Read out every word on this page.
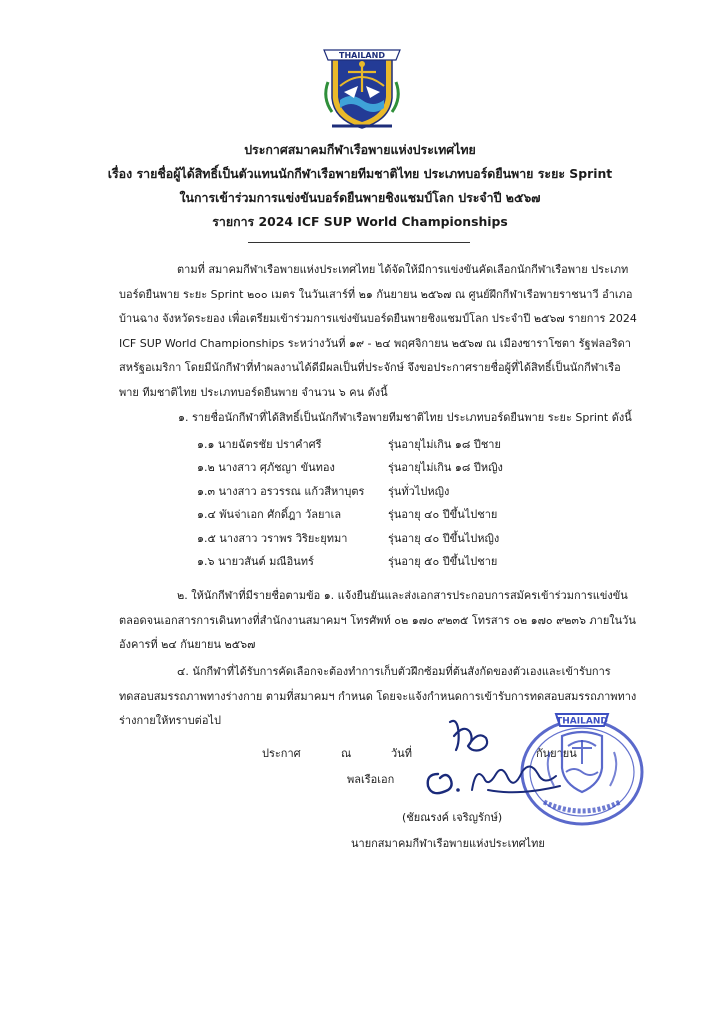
THAILAND
ประกาศสมาคมกีฬาเรือพายแห่งประเทศไทย
เรื่อง รายชื่อผู้ได้สิทธิ์เป็นตัวแทนนักกีฬาเรือพายทีมชาติไทย ประเภทบอร์ดยืนพาย ระยะ Sprint
ในการเข้าร่วมการแข่งขันบอร์ดยืนพายชิงแชมป์โลก ประจำปี ๒๕๖๗
รายการ 2024 ICF SUP World Championships
ตามที่ สมาคมกีฬาเรือพายแห่งประเทศไทย ได้จัดให้มีการแข่งขันคัดเลือกนักกีฬาเรือพาย ประเภทบอร์ดยืนพาย ระยะ Sprint ๒๐๐ เมตร ในวันเสาร์ที่ ๒๑ กันยายน ๒๕๖๗ ณ ศูนย์ฝึกกีฬาเรือพายราชนาวี อำเภอบ้านฉาง จังหวัดระยอง เพื่อเตรียมเข้าร่วมการแข่งขันบอร์ดยืนพายชิงแชมป์โลก ประจำปี ๒๕๖๗ รายการ 2024 ICF SUP World Championships ระหว่างวันที่ ๑๙ - ๒๔ พฤศจิกายน ๒๕๖๗ ณ เมืองซาราโซตา รัฐฟลอริดา สหรัฐอเมริกา โดยมีนักกีฬาที่ทำผลงานได้ดีมีผลเป็นที่ประจักษ์ จึงขอประกาศรายชื่อผู้ที่ได้สิทธิ์เป็นนักกีฬาเรือพาย ทีมชาติไทย ประเภทบอร์ดยืนพาย จำนวน ๖ คน ดังนี้
๑. รายชื่อนักกีฬาที่ได้สิทธิ์เป็นนักกีฬาเรือพายทีมชาติไทย ประเภทบอร์ดยืนพาย ระยะ Sprint ดังนี้
๑.๑ นายฉัตรชัย ปราคำศรี	รุ่นอายุไม่เกิน ๑๘ ปีชาย
๑.๒ นางสาว ศุภัชญา ขันทอง	รุ่นอายุไม่เกิน ๑๘ ปีหญิง
๑.๓ นางสาว อรวรรณ แก้วสีหาบุตร	รุ่นทั่วไปหญิง
๑.๔ พันจ่าเอก ศักดิ์ฎา วัลยาเล	รุ่นอายุ ๔๐ ปีขึ้นไปชาย
๑.๕ นางสาว วราพร วิริยะยุทมา	รุ่นอายุ ๔๐ ปีขึ้นไปหญิง
๑.๖ นายวสันต์ มณีอินทร์	รุ่นอายุ ๕๐ ปีขึ้นไปชาย
๒. ให้นักกีฬาที่มีรายชื่อตามข้อ ๑. แจ้งยืนยันและส่งเอกสารประกอบการสมัครเข้าร่วมการแข่งขัน ตลอดจนเอกสารการเดินทางที่สำนักงานสมาคมฯ โทรศัพท์ ๐๒ ๑๗๐ ๙๒๓๕ โทรสาร ๐๒ ๑๗๐ ๙๒๓๖ ภายในวันอังคารที่ ๒๔ กันยายน ๒๕๖๗
๔. นักกีฬาที่ได้รับการคัดเลือกจะต้องทำการเก็บตัวฝึกซ้อมที่ต้นสังกัดของตัวเองและเข้ารับการทดสอบสมรรถภาพทางร่างกาย ตามที่สมาคมฯ กำหนด โดยจะแจ้งกำหนดการเข้ารับการทดสอบสมรรถภาพทางร่างกายให้ทราบต่อไป
ประกาศ	ณ	วันที่	กันยายน
พลเรือเอก
(ชัยณรงค์ เจริญรักษ์)
นายกสมาคมกีฬาเรือพายแห่งประเทศไทย
THAILAND
